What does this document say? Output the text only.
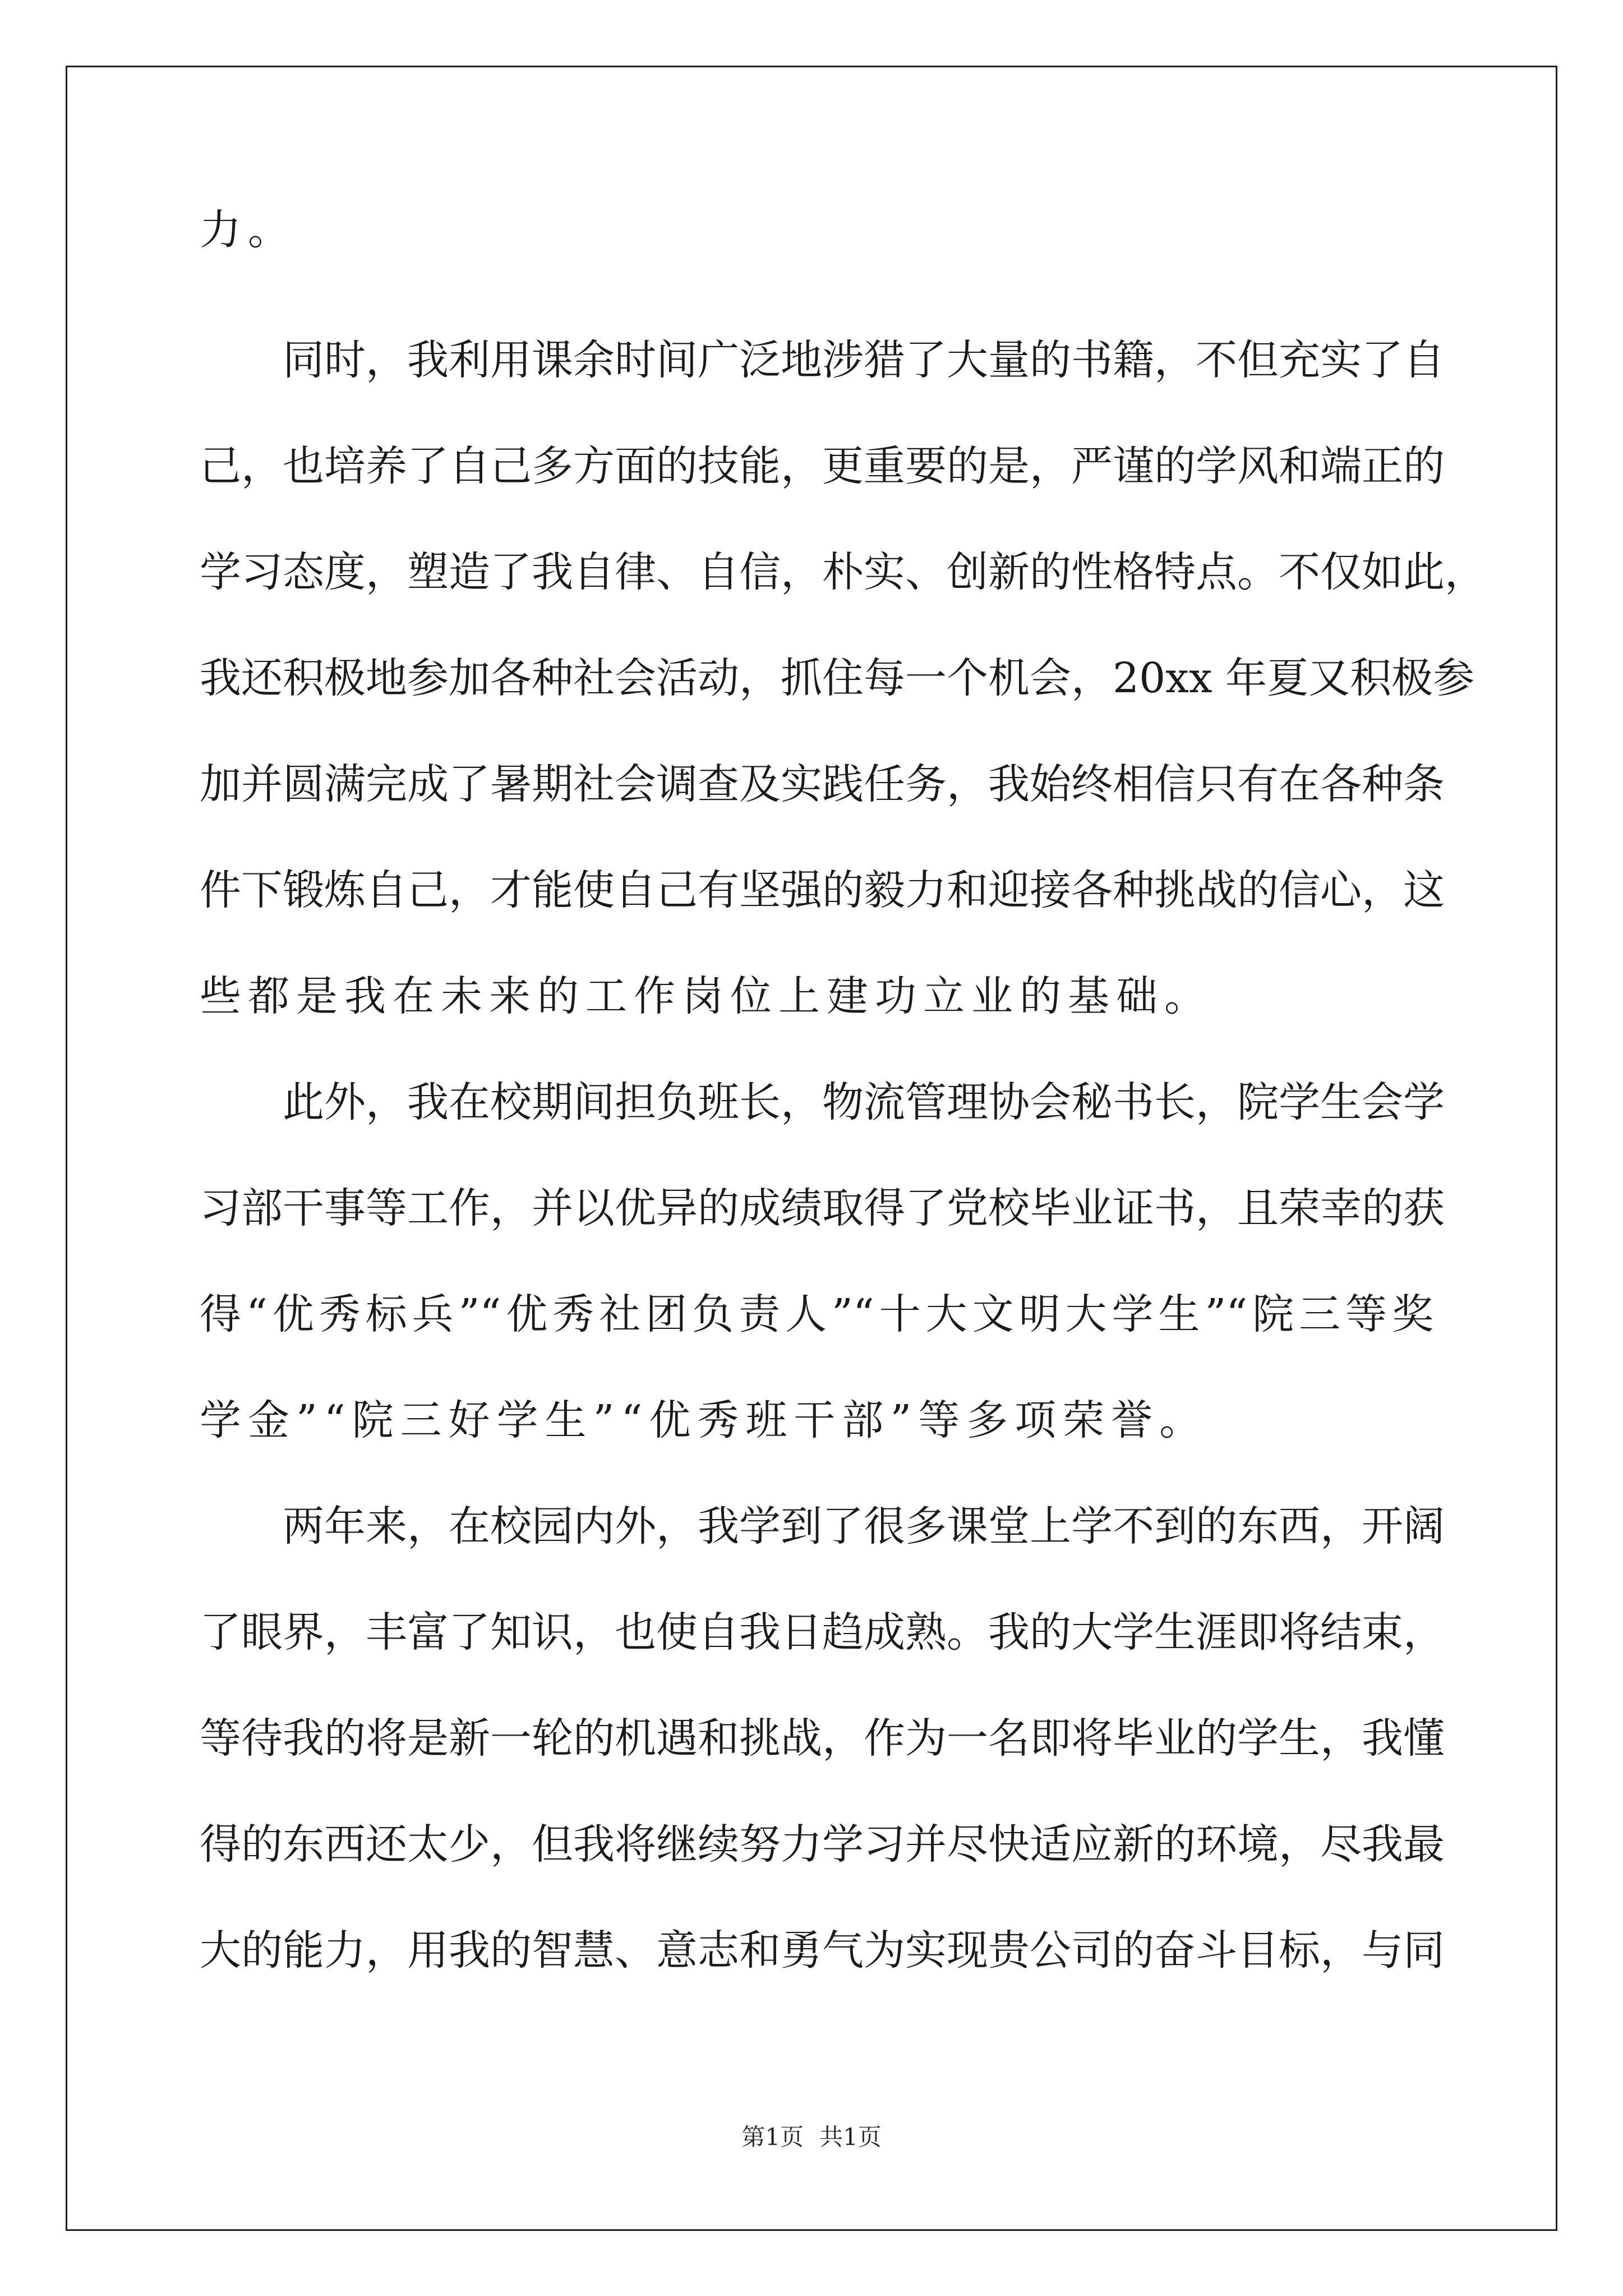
力。
同时，我利用课余时间广泛地涉猎了大量的书籍，不但充实了自
己，也培养了自己多方面的技能，更重要的是，严谨的学风和端正的
学习态度，塑造了我自律、自信，朴实、创新的性格特点。不仅如此，
我还积极地参加各种社会活动，抓住每一个机会，20xx 年夏又积极参
加并圆满完成了暑期社会调查及实践任务，我始终相信只有在各种条
件下锻炼自己，才能使自己有坚强的毅力和迎接各种挑战的信心，这
些都是我在未来的工作岗位上建功立业的基础。
此外，我在校期间担负班长，物流管理协会秘书长，院学生会学
习部干事等工作，并以优异的成绩取得了党校毕业证书，且荣幸的获
得“优秀标兵”“优秀社团负责人”“十大文明大学生”“院三等奖
学金”“院三好学生”“优秀班干部”等多项荣誉。
两年来，在校园内外，我学到了很多课堂上学不到的东西，开阔
了眼界，丰富了知识，也使自我日趋成熟。我的大学生涯即将结束，
等待我的将是新一轮的机遇和挑战，作为一名即将毕业的学生，我懂
得的东西还太少，但我将继续努力学习并尽快适应新的环境，尽我最
大的能力，用我的智慧、意志和勇气为实现贵公司的奋斗目标，与同
第1页 共1页
